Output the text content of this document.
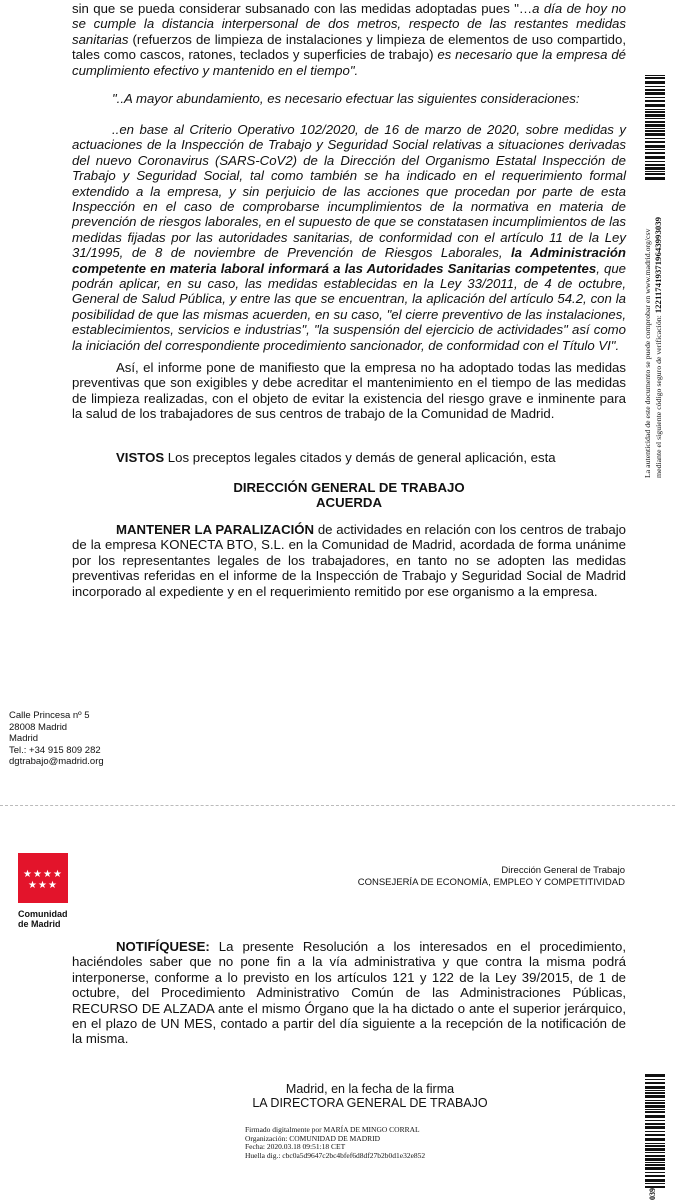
sin que se pueda considerar subsanado con las medidas adoptadas pues "…a día de hoy no se cumple la distancia interpersonal de dos metros, respecto de las restantes medidas sanitarias (refuerzos de limpieza de instalaciones y limpieza de elementos de uso compartido, tales como cascos, ratones, teclados y superficies de trabajo) es necesario que la empresa dé cumplimiento efectivo y mantenido en el tiempo".

"..A mayor abundamiento, es necesario efectuar las siguientes consideraciones:

..en base al Criterio Operativo 102/2020, de 16 de marzo de 2020, sobre medidas y actuaciones de la Inspección de Trabajo y Seguridad Social relativas a situaciones derivadas del nuevo Coronavirus (SARS-CoV2) de la Dirección del Organismo Estatal Inspección de Trabajo y Seguridad Social, tal como también se ha indicado en el requerimiento formal extendido a la empresa, y sin perjuicio de las acciones que procedan por parte de esta Inspección en el caso de comprobarse incumplimientos de la normativa en materia de prevención de riesgos laborales, en el supuesto de que se constatasen incumplimientos de las medidas fijadas por las autoridades sanitarias, de conformidad con el artículo 11 de la Ley 31/1995, de 8 de noviembre de Prevención de Riesgos Laborales, la Administración competente en materia laboral informará a las Autoridades Sanitarias competentes, que podrán aplicar, en su caso, las medidas establecidas en la Ley 33/2011, de 4 de octubre, General de Salud Pública, y entre las que se encuentran, la aplicación del artículo 54.2, con la posibilidad de que las mismas acuerden, en su caso, "el cierre preventivo de las instalaciones, establecimientos, servicios e industrias", "la suspensión del ejercicio de actividades" así como la iniciación del correspondiente procedimiento sancionador, de conformidad con el Título VI".

Así, el informe pone de manifiesto que la empresa no ha adoptado todas las medidas preventivas que son exigibles y debe acreditar el mantenimiento en el tiempo de las medidas de limpieza realizadas, con el objeto de evitar la existencia del riesgo grave e inminente para la salud de los trabajadores de sus centros de trabajo de la Comunidad de Madrid.

VISTOS Los preceptos legales citados y demás de general aplicación, esta

DIRECCIÓN GENERAL DE TRABAJO

ACUERDA

MANTENER LA PARALIZACIÓN de actividades en relación con los centros de trabajo de la empresa KONECTA BTO, S.L. en la Comunidad de Madrid, acordada de forma unánime por los representantes legales de los trabajadores, en tanto no se adopten las medidas preventivas referidas en el informe de la Inspección de Trabajo y Seguridad Social de Madrid incorporado al expediente y en el requerimiento remitido por ese organismo a la empresa.

Calle Princesa nº 5
28008 Madrid
Madrid
Tel.: +34 915 809 282
dgtrabajo@madrid.org
La autenticidad de este documento se puede comprobar en www.madrid.org/csv mediante el siguiente código seguro de verificación: 1221174193719643993039
★ ★ ★ ★
★ ★ ★
Comunidad
de Madrid
Dirección General de Trabajo
CONSEJERÍA DE ECONOMÍA, EMPLEO Y COMPETITIVIDAD

NOTIFÍQUESE: La presente Resolución a los interesados en el procedimiento, haciéndoles saber que no pone fin a la vía administrativa y que contra la misma podrá interponerse, conforme a lo previsto en los artículos 121 y 122 de la Ley 39/2015, de 1 de octubre, del Procedimiento Administrativo Común de las Administraciones Públicas, RECURSO DE ALZADA ante el mismo Órgano que la ha dictado o ante el superior jerárquico, en el plazo de UN MES, contado a partir del día siguiente a la recepción de la notificación de la misma.

Madrid, en la fecha de la firma
LA DIRECTORA GENERAL DE TRABAJO
Firmado digitalmente por MARÍA DE MINGO CORRAL
Organización: COMUNIDAD DE MADRID
Fecha: 2020.03.18 09:51:18 CET
Huella dig.: cbc0a5d9647c2bc4bfef6d8df27b2b0d1e32e852
039
